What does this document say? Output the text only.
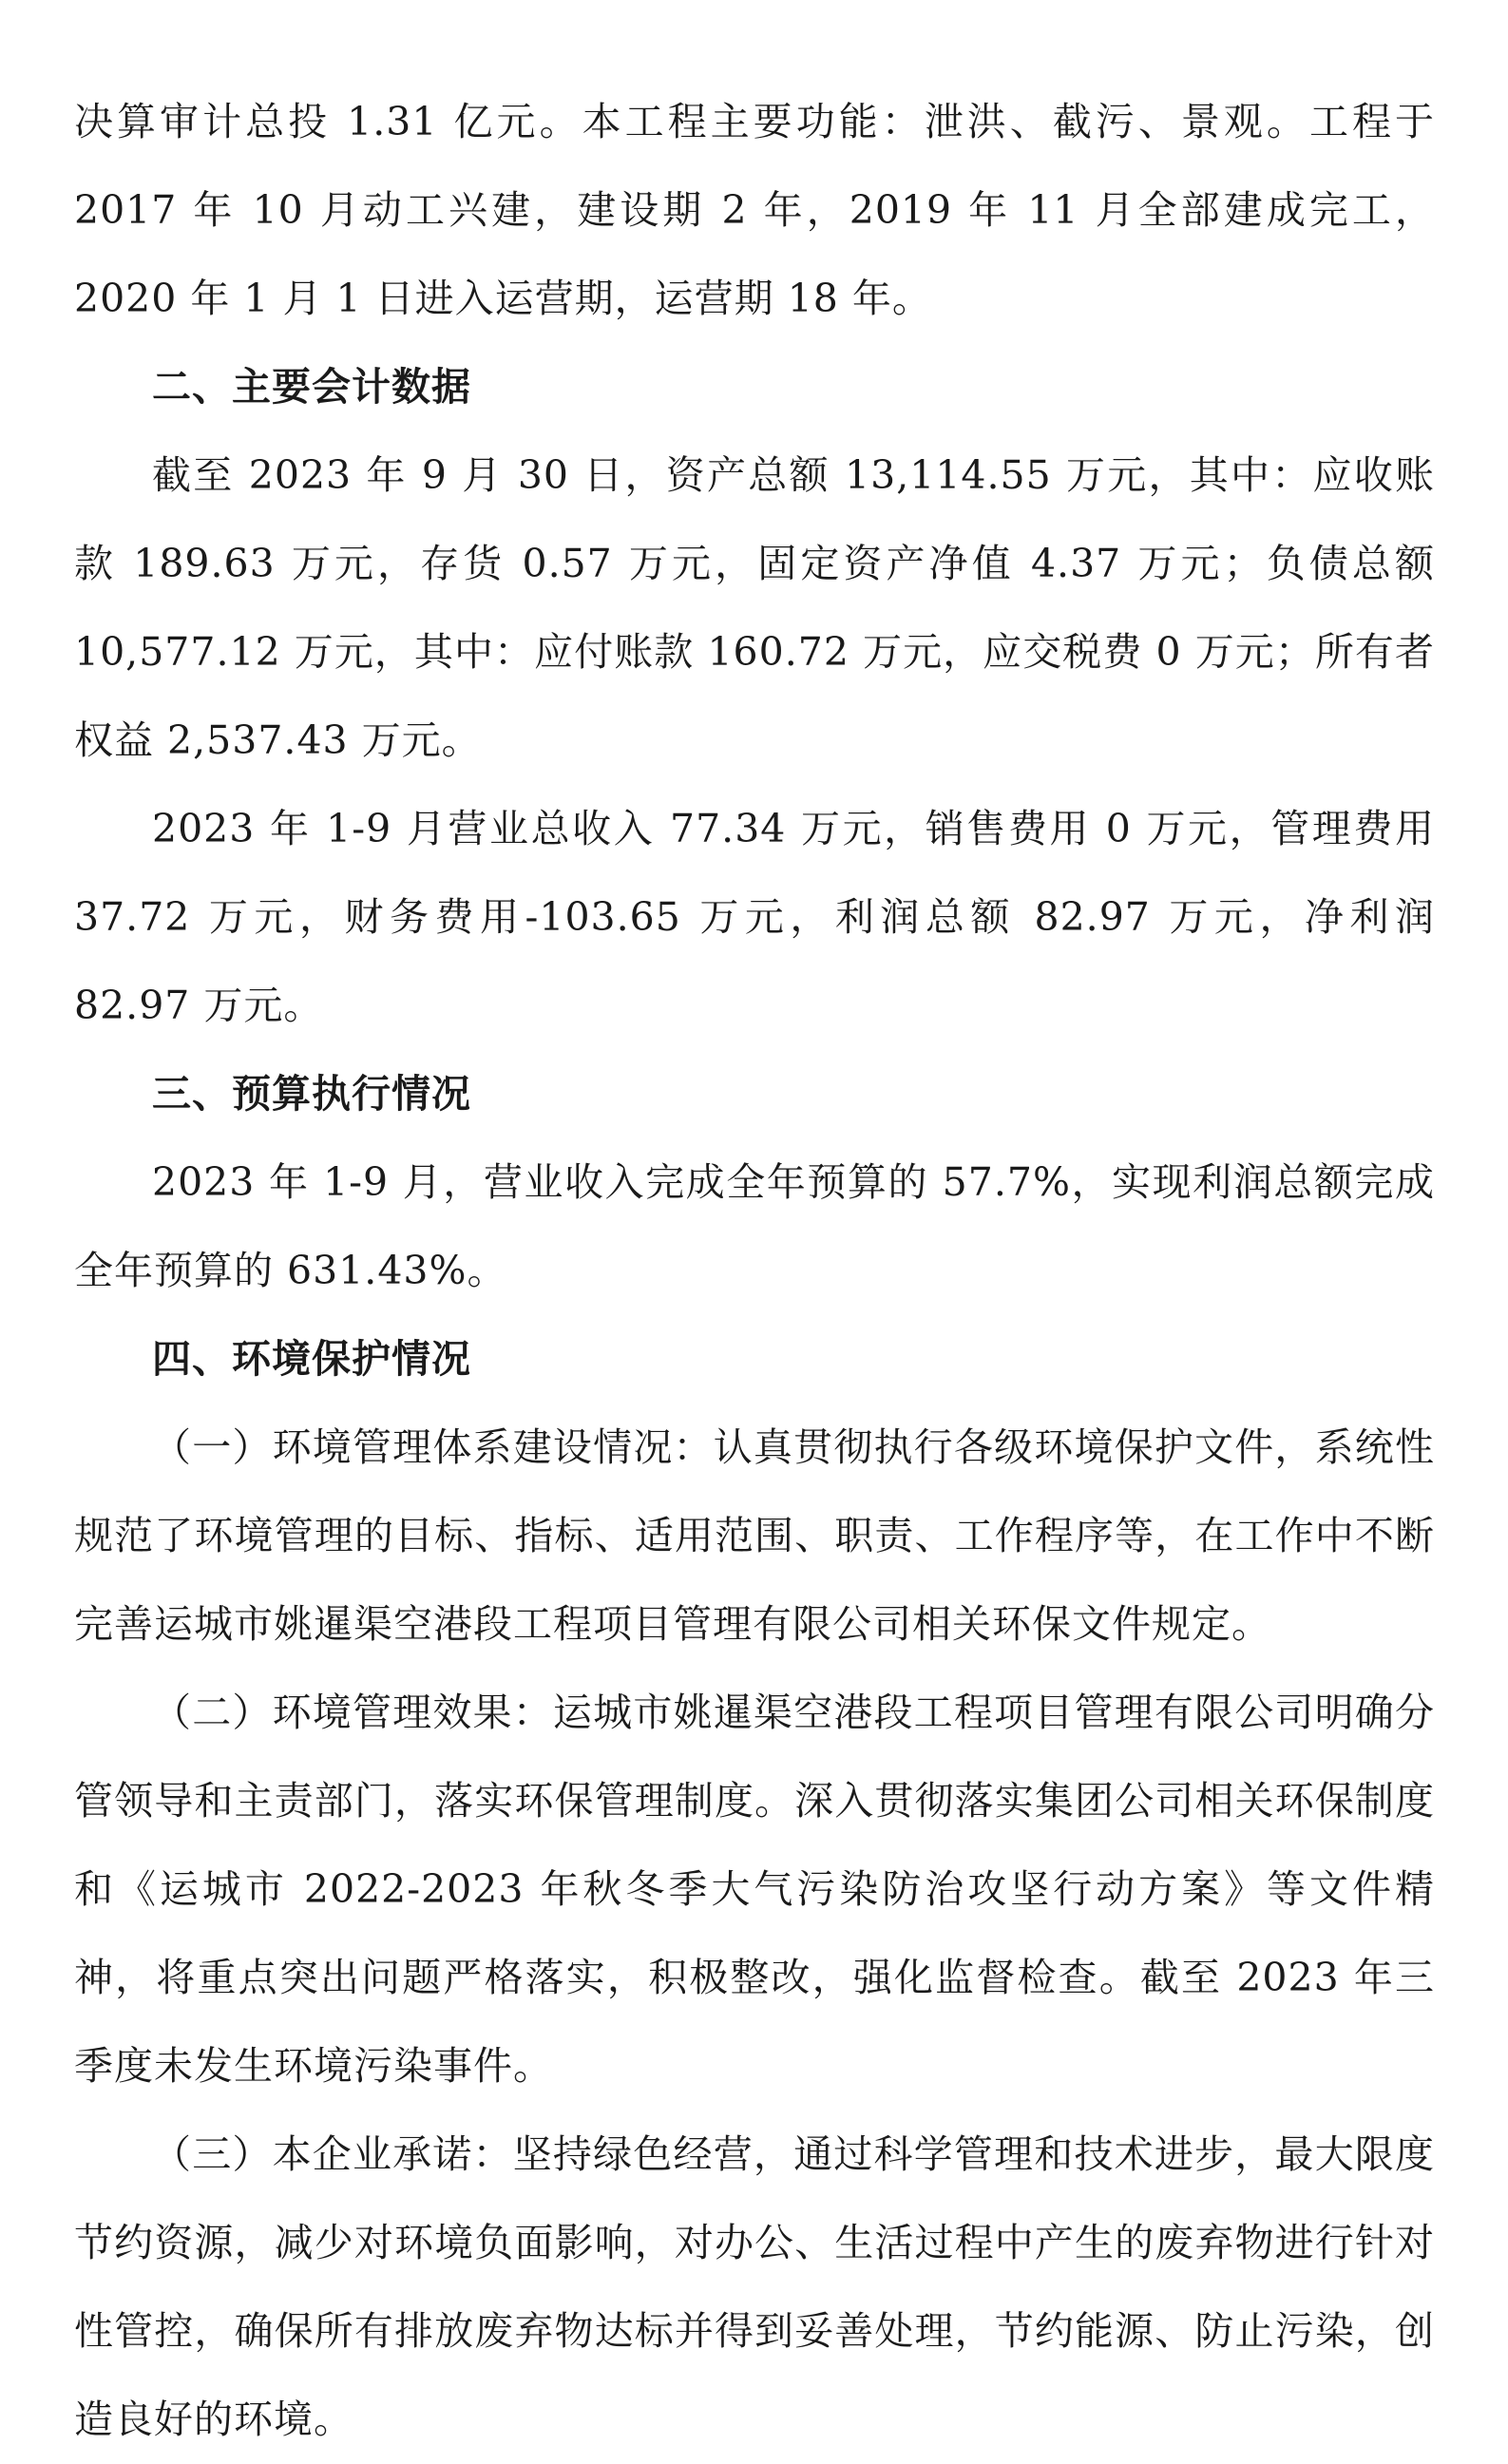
决算审计总投 1.31 亿元。本工程主要功能：泄洪、截污、景观。工程于 2017 年 10 月动工兴建，建设期 2 年，2019 年 11 月全部建成完工，2020 年 1 月 1 日进入运营期，运营期 18 年。

二、主要会计数据

截至 2023 年 9 月 30 日，资产总额 13,114.55 万元，其中：应收账款 189.63 万元，存货 0.57 万元，固定资产净值 4.37 万元；负债总额 10,577.12 万元，其中：应付账款 160.72 万元，应交税费 0 万元；所有者权益 2,537.43 万元。

2023 年 1-9 月营业总收入 77.34 万元，销售费用 0 万元，管理费用 37.72 万元，财务费用-103.65 万元，利润总额 82.97 万元，净利润 82.97 万元。

三、预算执行情况

2023 年 1-9 月，营业收入完成全年预算的 57.7%，实现利润总额完成全年预算的 631.43%。

四、环境保护情况

（一）环境管理体系建设情况：认真贯彻执行各级环境保护文件，系统性规范了环境管理的目标、指标、适用范围、职责、工作程序等，在工作中不断完善运城市姚暹渠空港段工程项目管理有限公司相关环保文件规定。

（二）环境管理效果：运城市姚暹渠空港段工程项目管理有限公司明确分管领导和主责部门，落实环保管理制度。深入贯彻落实集团公司相关环保制度和《运城市 2022-2023 年秋冬季大气污染防治攻坚行动方案》等文件精神，将重点突出问题严格落实，积极整改，强化监督检查。截至 2023 年三季度未发生环境污染事件。

（三）本企业承诺：坚持绿色经营，通过科学管理和技术进步，最大限度节约资源，减少对环境负面影响，对办公、生活过程中产生的废弃物进行针对性管控，确保所有排放废弃物达标并得到妥善处理，节约能源、防止污染，创造良好的环境。
